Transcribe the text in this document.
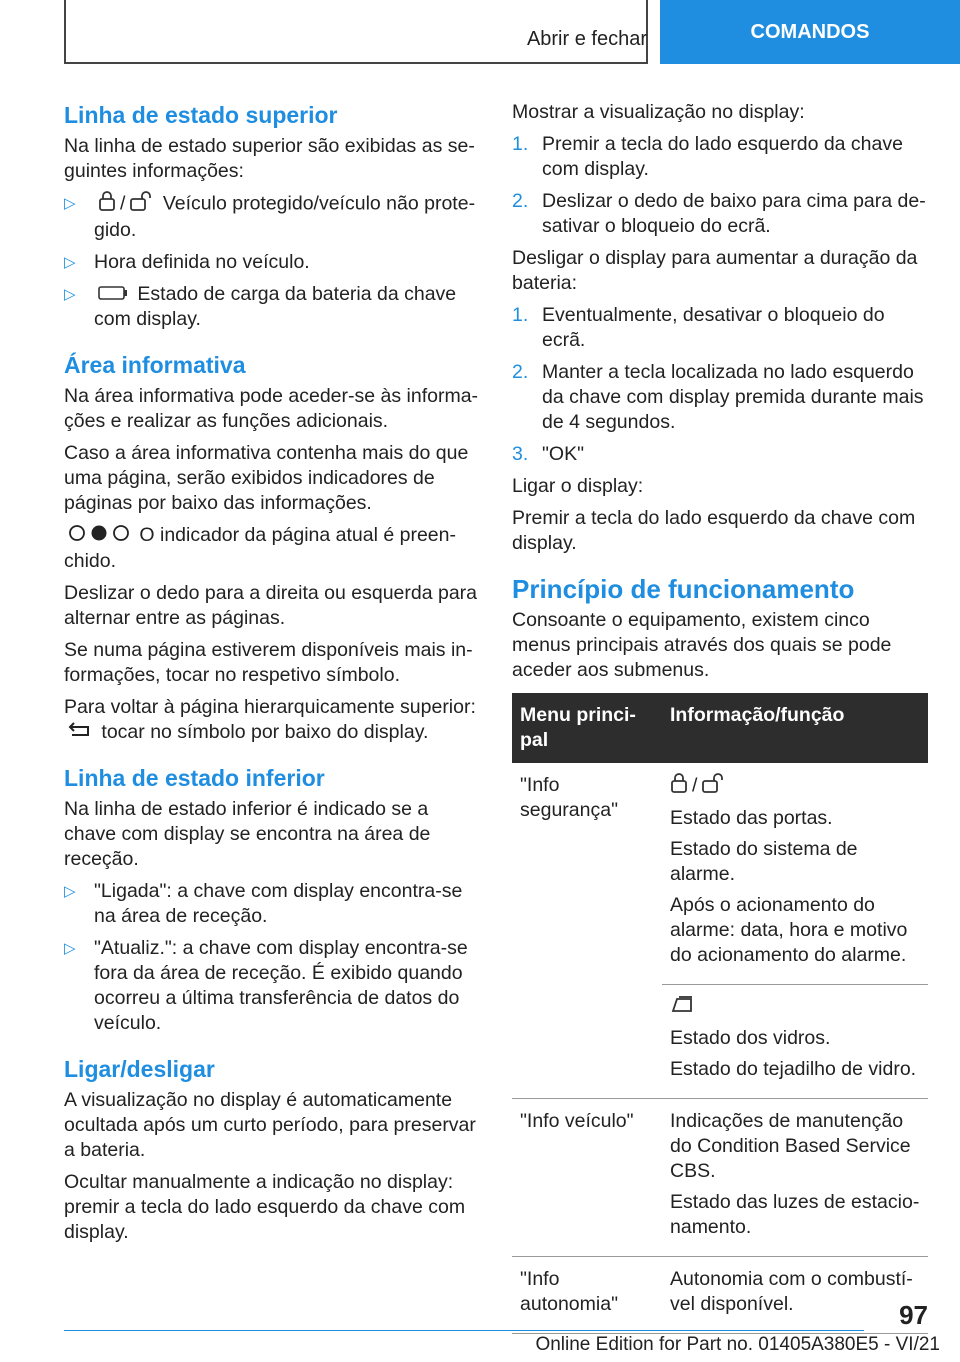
Abrir e fechar	COMANDOS
Linha de estado superior

Na linha de estado superior são exibidas as seguintes informações:

▷ / Veículo protegido/veículo não protegido.
▷ Hora definida no veículo.
▷	Estado de carga da bateria da chave com display.
Área informativa

Na área informativa pode aceder-se às informações e realizar as funções adicionais.

Caso a área informativa contenha mais do que uma página, serão exibidos indicadores de páginas por baixo das informações.

O indicador da página atual é preenchido.

Deslizar o dedo para a direita ou esquerda para alternar entre as páginas.

Se numa página estiverem disponíveis mais informações, tocar no respetivo símbolo.

Para voltar à página hierarquicamente superior:
tocar no símbolo por baixo do display.

Linha de estado inferior

Na linha de estado inferior é indicado se a chave com display se encontra na área de receção.

▷ "Ligada": a chave com display encontra-se na área de receção.
▷ "Atualiz.": a chave com display encontra-se fora da área de receção. É exibido quando ocorreu a última transferência de datos do veículo.
Ligar/desligar

A visualização no display é automaticamente ocultada após um curto período, para preservar a bateria.

Ocultar manualmente a indicação no display: premir a tecla do lado esquerdo da chave com display.

Mostrar a visualização no display:

1. Premir a tecla do lado esquerdo da chave com display.
2. Deslizar o dedo de baixo para cima para desativar o bloqueio do ecrã.

Desligar o display para aumentar a duração da bateria:

1. Eventualmente, desativar o bloqueio do ecrã.
2. Manter a tecla localizada no lado esquerdo da chave com display premida durante mais de 4 segundos.
3. "OK"

Ligar o display:

Premir a tecla do lado esquerdo da chave com display.

Princípio de funcionamento

Consoante o equipamento, existem cinco menus principais através dos quais se pode aceder aos submenus.

Menu principal	Informação/função
"Info segurança"	/

Estado das portas.

Estado do sistema de alarme.

Após o acionamento do alarme: data, hora e motivo do acionamento do alarme.

	Estado dos vidros.

Estado do tejadilho de vidro.

"Info veículo"	Indicações de manutenção do Condition Based Service CBS.

Estado das luzes de estacionamento.

"Info autonomia"	Autonomia com o combustível disponível.	97
Online Edition for Part no. 01405A380E5 - VI/21
